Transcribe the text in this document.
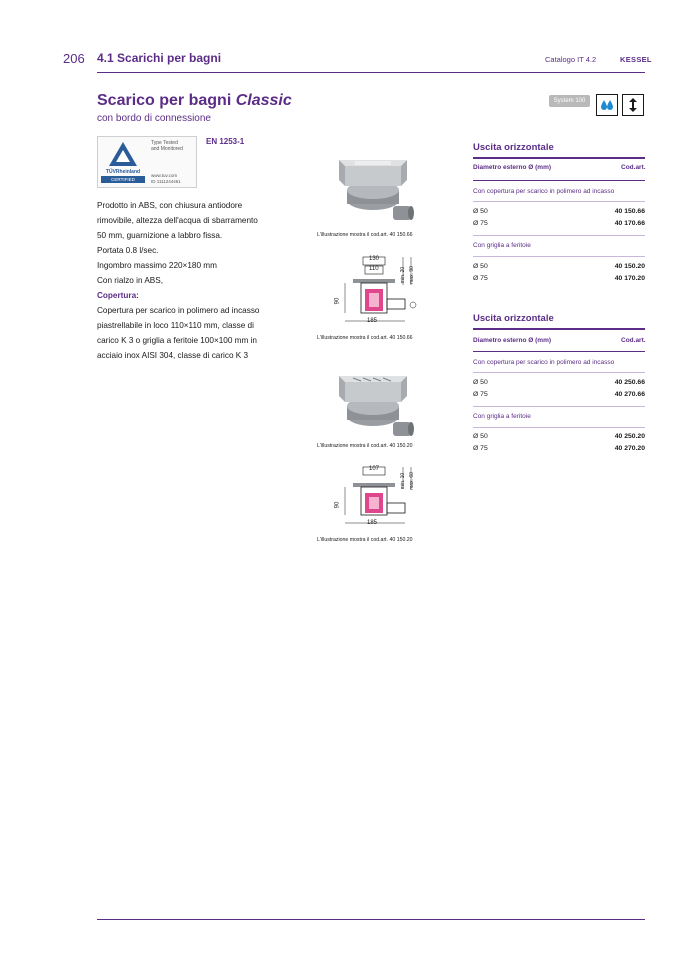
206 4.1 Scarichi per bagni	Catalogo IT 4.2	KESSEL
Scarico per bagni Classic
con bordo di connessione
System 100
TÜVRheinland
CERTIFIED
Type Tested
and Monitored
www.tuv.com
ID 1111244461
EN 1253-1
Prodotto in ABS, con chiusura antiodore
rimovibile, altezza dell'acqua di sbarramento
50 mm, guarnizione a labbro fissa.
Portata 0.8 l/sec.
Ingombro massimo 220×180 mm
Con rialzo in ABS,
Copertura:
Copertura per scarico in polimero ad incasso
piastrellabile in loco 110×110 mm, classe di
carico K 3 o griglia a feritoie 100×100 mm in
acciaio inox AISI 304, classe di carico K 3
L'illustrazione mostra il cod.art. 40 150.66
130
110	min. 20 max. 90
90
185
L'illustrazione mostra il cod.art. 40 150.66
L'illustrazione mostra il cod.art. 40 150.20
107
min. 10 max. 60
90
185
L'illustrazione mostra il cod.art. 40 150.20
Uscita orizzontale
Diametro esterno Ø (mm)	Cod.art.
Con copertura per scarico in polimero ad incasso
Ø 50	40 150.66
Ø 75	40 170.66
Con griglia a feritoie
Ø 50	40 150.20
Ø 75	40 170.20
Uscita orizzontale
Diametro esterno Ø (mm)	Cod.art.
Con copertura per scarico in polimero ad incasso
Ø 50	40 250.66
Ø 75	40 270.66
Con griglia a feritoie
Ø 50	40 250.20
Ø 75	40 270.20
